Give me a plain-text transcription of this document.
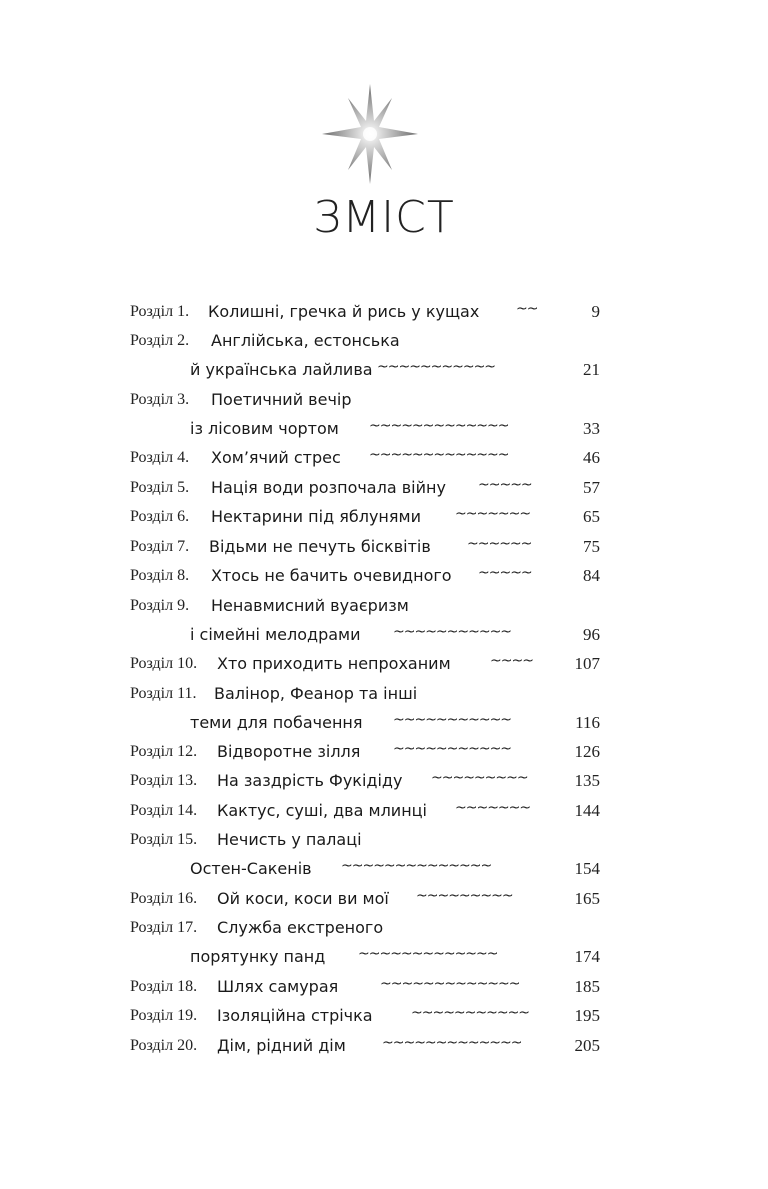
ЗМІСТ
Розділ 1. Колишні, гречка й рись у кущах	~~	9
Розділ 2. Англійська, естонська
й українська лайлива ~~~~~~~~~~~	21
Розділ 3. Поетичний вечір
із лісовим чортом ~~~~~~~~~~~~~	33
Розділ 4. Хом’ячий стрес ~~~~~~~~~~~~~	46
Розділ 5. Нація води розпочала війну ~~~~~	57
Розділ 6. Нектарини під яблунями ~~~~~~~	65
Розділ 7. Відьми не печуть бісквітів	~~~~~~	75
Розділ 8. Хтось не бачить очевидного ~~~~~	84
Розділ 9. Ненавмисний вуаєризм
і сімейні мелодрами ~~~~~~~~~~~	96
Розділ 10. Хто приходить непроханим	~~~~ 107
Розділ 11. Валінор, Феанор та інші
теми для побачення ~~~~~~~~~~~	116
Розділ 12. Відворотне зілля ~~~~~~~~~~~	126
Розділ 13. На заздрість Фукідіду ~~~~~~~~~	135
Розділ 14. Кактус, суші, два млинці ~~~~~~~	144
Розділ 15. Нечисть у палаці
Остен-Сакенів ~~~~~~~~~~~~~~	154
Розділ 16. Ой коси, коси ви мої ~~~~~~~~~	165
Розділ 17. Служба екстреного
порятунку панд ~~~~~~~~~~~~~	174
Розділ 18. Шлях самурая	~~~~~~~~~~~~~	185
Розділ 19. Ізоляційна стрічка	~~~~~~~~~~~	195
Розділ 20. Дім, рідний дім	~~~~~~~~~~~~~	205
